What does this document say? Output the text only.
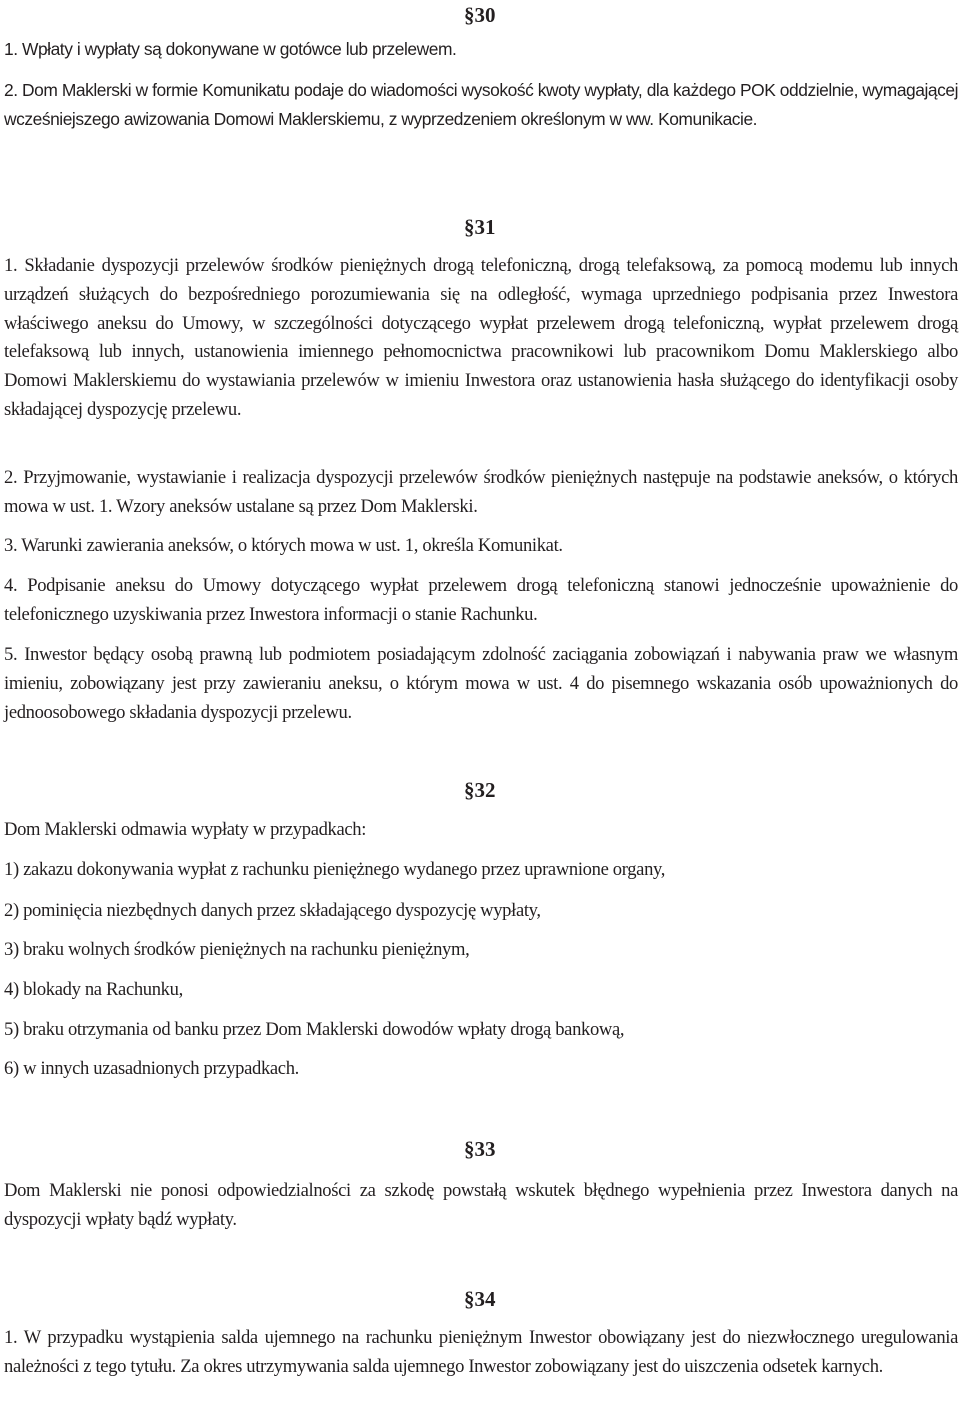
§30

1. Wpłaty i wypłaty są dokonywane w gotówce lub przelewem.

2. Dom Maklerski w formie Komunikatu podaje do wiadomości wysokość kwoty wypłaty, dla każdego POK oddzielnie, wymagającej wcześniejszego awizowania Domowi Maklerskiemu, z wyprzedzeniem określonym w ww. Komunikacie.

§31

1. Składanie dyspozycji przelewów środków pieniężnych drogą telefoniczną, drogą telefaksową, za pomocą modemu lub innych urządzeń służących do bezpośredniego porozumiewania się na odległość, wymaga uprzedniego podpisania przez Inwestora właściwego aneksu do Umowy, w szczególności dotyczącego wypłat przelewem drogą telefoniczną, wypłat przelewem drogą telefaksową lub innych, ustanowienia imiennego pełnomocnictwa pracownikowi lub pracownikom Domu Maklerskiego albo Domowi Maklerskiemu do wystawiania przelewów w imieniu Inwestora oraz ustanowienia hasła służącego do identyfikacji osoby składającej dyspozycję przelewu.

2. Przyjmowanie, wystawianie i realizacja dyspozycji przelewów środków pieniężnych następuje na podstawie aneksów, o których mowa w ust. 1. Wzory aneksów ustalane są przez Dom Maklerski.

3. Warunki zawierania aneksów, o których mowa w ust. 1, określa Komunikat.

4. Podpisanie aneksu do Umowy dotyczącego wypłat przelewem drogą telefoniczną stanowi jednocześnie upoważnienie do telefonicznego uzyskiwania przez Inwestora informacji o stanie Rachunku.

5. Inwestor będący osobą prawną lub podmiotem posiadającym zdolność zaciągania zobowiązań i nabywania praw we własnym imieniu, zobowiązany jest przy zawieraniu aneksu, o którym mowa w ust. 4 do pisemnego wskazania osób upoważnionych do jednoosobowego składania dyspozycji przelewu.

§32

Dom Maklerski odmawia wypłaty w przypadkach:

1) zakazu dokonywania wypłat z rachunku pieniężnego wydanego przez uprawnione organy,

2) pominięcia niezbędnych danych przez składającego dyspozycję wypłaty,

3) braku wolnych środków pieniężnych na rachunku pieniężnym,

4) blokady na Rachunku,

5) braku otrzymania od banku przez Dom Maklerski dowodów wpłaty drogą bankową,

6) w innych uzasadnionych przypadkach.

§33

Dom Maklerski nie ponosi odpowiedzialności za szkodę powstałą wskutek błędnego wypełnienia przez Inwestora danych na dyspozycji wpłaty bądź wypłaty.

§34

1. W przypadku wystąpienia salda ujemnego na rachunku pieniężnym Inwestor obowiązany jest do niezwłocznego uregulowania należności z tego tytułu. Za okres utrzymywania salda ujemnego Inwestor zobowiązany jest do uiszczenia odsetek karnych.
